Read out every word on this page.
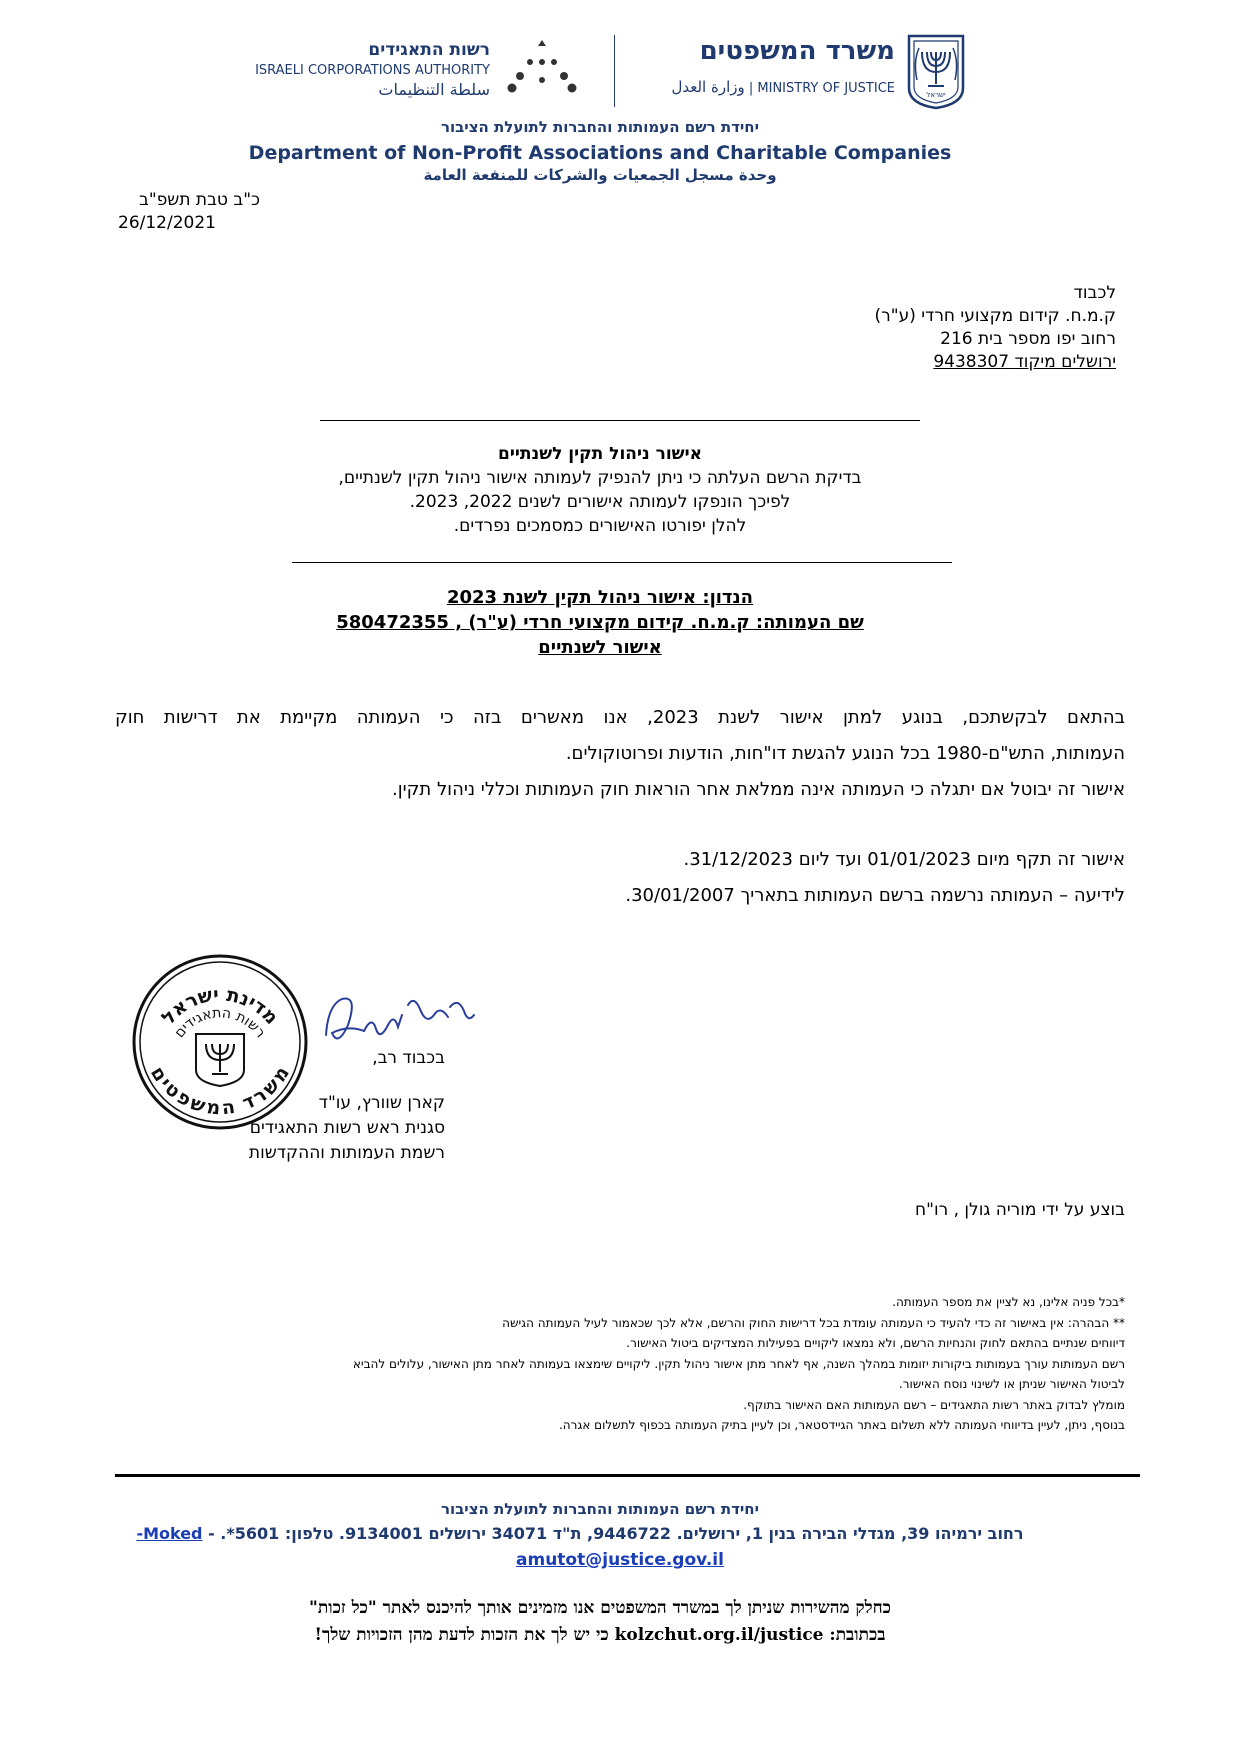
רשות התאגידים
ISRAELI CORPORATIONS AUTHORITY
سلطة التنظيمات
משרד המשפטים
وزارة العدل | MINISTRY OF JUSTICE	ישראל
יחידת רשם העמותות והחברות לתועלת הציבור
Department of Non-Profit Associations and Charitable Companies
وحدة مسجل الجمعيات والشركات للمنفعة العامة
כ"ב טבת תשפ"ב
26/12/2021
לכבוד
ק.מ.ח. קידום מקצועי חרדי (ע"ר)
רחוב יפו מספר בית 216
ירושלים מיקוד 9438307
אישור ניהול תקין לשנתיים
בדיקת הרשם העלתה כי ניתן להנפיק לעמותה אישור ניהול תקין לשנתיים,
לפיכך הונפקו לעמותה אישורים לשנים 2022, 2023.
להלן יפורטו האישורים כמסמכים נפרדים.
הנדון: אישור ניהול תקין לשנת 2023
שם העמותה: ק.מ.ח. קידום מקצועי חרדי (ע"ר) , 580472355
אישור לשנתיים
בהתאם לבקשתכם, בנוגע למתן אישור לשנת 2023, אנו מאשרים בזה כי העמותה מקיימת את דרישות חוק
העמותות, התש"ם-1980 בכל הנוגע להגשת דו"חות, הודעות ופרוטוקולים.
אישור זה יבוטל אם יתגלה כי העמותה אינה ממלאת אחר הוראות חוק העמותות וכללי ניהול תקין.
אישור זה תקף מיום 01/01/2023 ועד ליום 31/12/2023.
לידיעה – העמותה נרשמה ברשם העמותות בתאריך 30/01/2007.
מדינת ישראל
רשות התאגידים
משרד המשפטים
בכבוד רב,
קארן שוורץ, עו"ד
סגנית ראש רשות התאגידים
רשמת העמותות וההקדשות
בוצע על ידי מוריה גולן , רו"ח
*בכל פניה אלינו, נא לציין את מספר העמותה.
** הבהרה: אין באישור זה כדי להעיד כי העמותה עומדת בכל דרישות החוק והרשם, אלא לכך שכאמור לעיל העמותה הגישה
דיווחים שנתיים בהתאם לחוק והנחיות הרשם, ולא נמצאו ליקויים בפעילות המצדיקים ביטול האישור.
רשם העמותות עורך בעמותות ביקורות יזומות במהלך השנה, אף לאחר מתן אישור ניהול תקין. ליקויים שימצאו בעמותה לאחר מתן האישור, עלולים להביא
לביטול האישור שניתן או לשינוי נוסח האישור.
מומלץ לבדוק באתר רשות התאגידים – רשם העמותות האם האישור בתוקף.
בנוסף, ניתן, לעיין בדיווחי העמותה ללא תשלום באתר הגיידסטאר, וכן לעיין בתיק העמותה בכפוף לתשלום אגרה.
יחידת רשם העמותות והחברות לתועלת הציבור
רחוב ירמיהו 39, מגדלי הבירה בנין 1, ירושלים. 9446722, ת"ד 34071 ירושלים 9134001. טלפון: 5601*. - Moked-
amutot@justice.gov.il
כחלק מהשירות שניתן לך במשרד המשפטים אנו מזמינים אותך להיכנס לאתר "כל זכות"
בכתובת: kolzchut.org.il/justice כי יש לך את הזכות לדעת מהן הזכויות שלך!
